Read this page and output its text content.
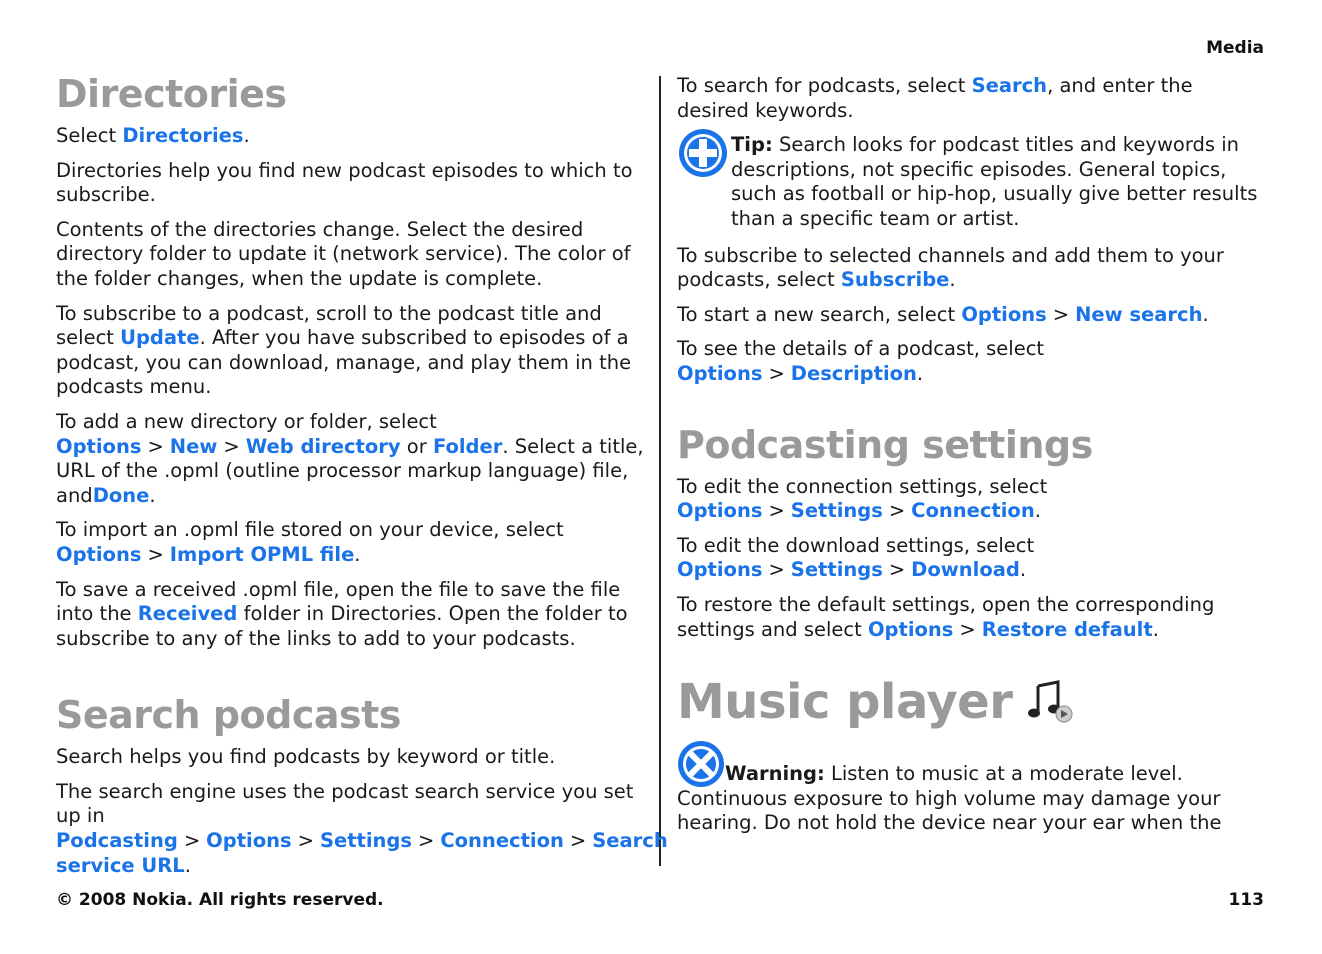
Media
Directories

Select Directories.

Directories help you find new podcast episodes to which to subscribe.

Contents of the directories change. Select the desired directory folder to update it (network service). The color of the folder changes, when the update is complete.

To subscribe to a podcast, scroll to the podcast title and select Update. After you have subscribed to episodes of a podcast, you can download, manage, and play them in the podcasts menu.

To add a new directory or folder, select Options > New > Web directory or Folder. Select a title, URL of the .opml (outline processor markup language) file, andDone.

To import an .opml file stored on your device, select Options > Import OPML file.

To save a received .opml file, open the file to save the file into the Received folder in Directories. Open the folder to subscribe to any of the links to add to your podcasts.

Search podcasts

Search helps you find podcasts by keyword or title.

The search engine uses the podcast search service you set up in Podcasting > Options > Settings > Connection > Search service URL.

To search for podcasts, select Search, and enter the desired keywords.

Tip: Search looks for podcast titles and keywords in descriptions, not specific episodes. General topics, such as football or hip-hop, usually give better results than a specific team or artist.

To subscribe to selected channels and add them to your podcasts, select Subscribe.

To start a new search, select Options > New search.

To see the details of a podcast, select Options > Description.

Podcasting settings

To edit the connection settings, select Options > Settings > Connection.

To edit the download settings, select Options > Settings > Download.

To restore the default settings, open the corresponding settings and select Options > Restore default.

Music player

Warning: Listen to music at a moderate level. Continuous exposure to high volume may damage your hearing. Do not hold the device near your ear when the

© 2008 Nokia. All rights reserved.	113
